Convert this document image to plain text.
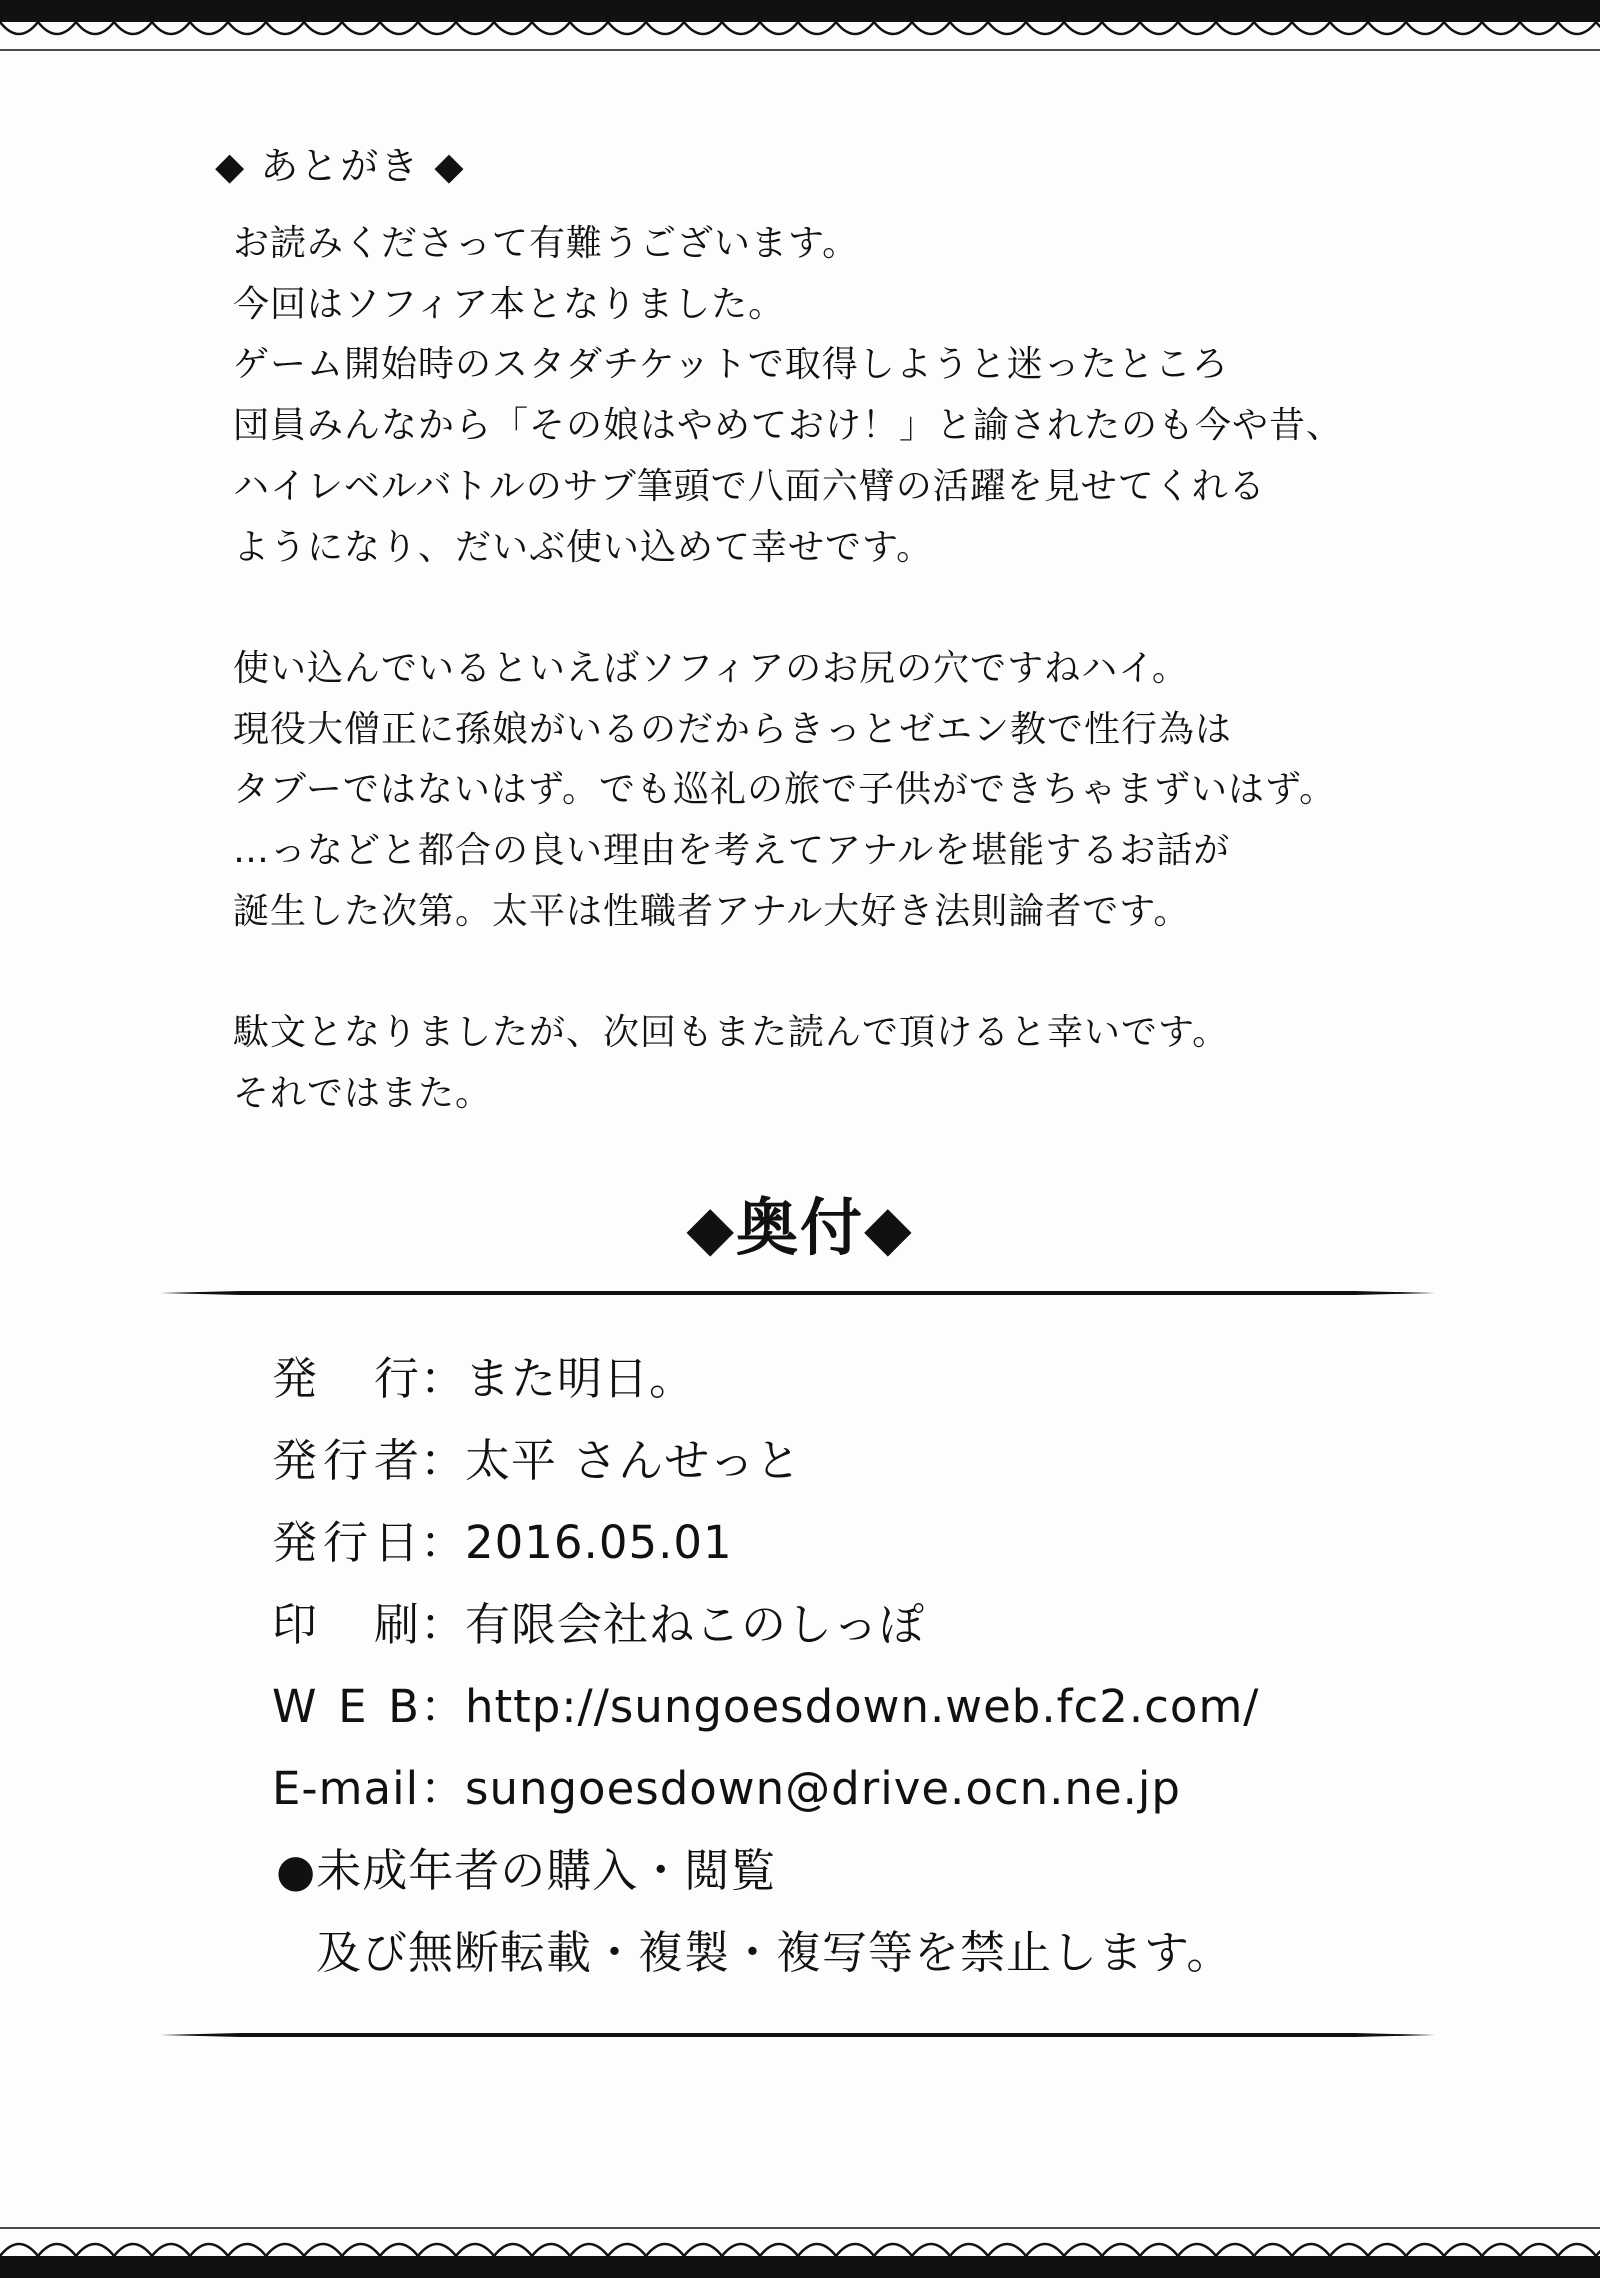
◆ あとがき ◆
お読みくださって有難うございます。
今回はソフィア本となりました。
ゲーム開始時のスタダチケットで取得しようと迷ったところ
団員みんなから「その娘はやめておけ！」と諭されたのも今や昔、
ハイレベルバトルのサブ筆頭で八面六臂の活躍を見せてくれる
ようになり、だいぶ使い込めて幸せです。
使い込んでいるといえばソフィアのお尻の穴ですねハイ。
現役大僧正に孫娘がいるのだからきっとゼエン教で性行為は
タブーではないはず。でも巡礼の旅で子供ができちゃまずいはず。
…っなどと都合の良い理由を考えてアナルを堪能するお話が
誕生した次第。太平は性職者アナル大好き法則論者です。
駄文となりましたが、次回もまた読んで頂けると幸いです。
それではまた。
◆奥付◆
発　行 ：
また明日。
発行者 ：
太平 さんせっと
発行日 ：
2016.05.01
印　刷 ：
有限会社ねこのしっぽ
W E B ：
http://sungoesdown.web.fc2.com/
E-mail ：
sungoesdown@drive.ocn.ne.jp
●未成年者の購入・閲覧
及び無断転載・複製・複写等を禁止します。
